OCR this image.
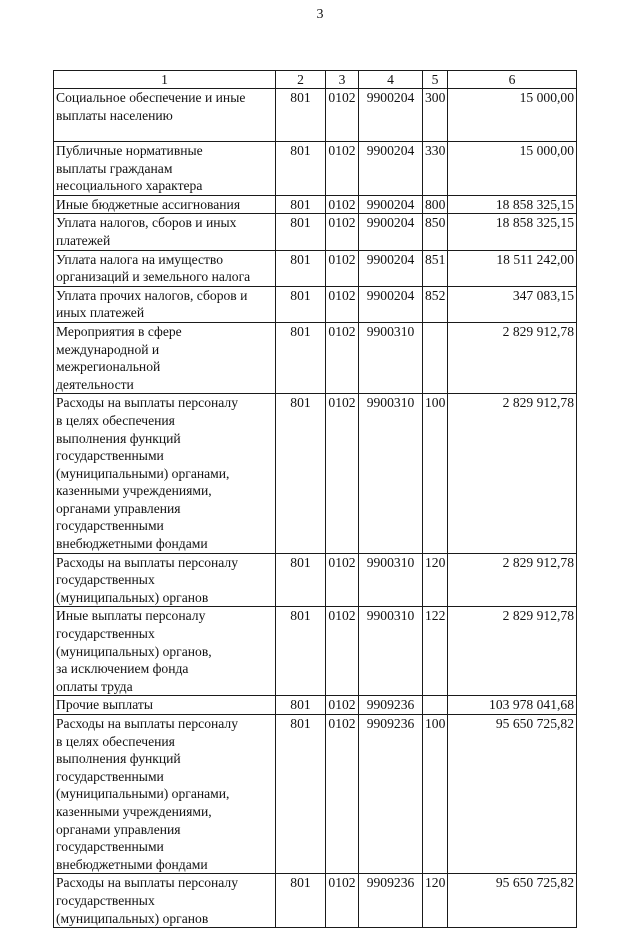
3
1	2	3	4	5	6
Социальное обеспечение и иные выплаты населению	801	0102	9900204	300	15 000,00
Публичные нормативные выплаты гражданам несоциального характера	801	0102	9900204	330	15 000,00
Иные бюджетные ассигнования	801	0102	9900204	800	18 858 325,15
Уплата налогов, сборов и иных платежей	801	0102	9900204	850	18 858 325,15
Уплата налога на имущество организаций и земельного налога	801	0102	9900204	851	18 511 242,00
Уплата прочих налогов, сборов и иных платежей	801	0102	9900204	852	347 083,15
Мероприятия в сфере международной и межрегиональной деятельности	801	0102	9900310		2 829 912,78
Расходы на выплаты персоналу в целях обеспечения выполнения функций государственными (муниципальными) органами, казенными учреждениями, органами управления государственными внебюджетными фондами	801	0102	9900310	100	2 829 912,78
Расходы на выплаты персоналу государственных (муниципальных) органов	801	0102	9900310	120	2 829 912,78
Иные выплаты персоналу государственных (муниципальных) органов, за исключением фонда оплаты труда	801	0102	9900310	122	2 829 912,78
Прочие выплаты	801	0102	9909236		103 978 041,68
Расходы на выплаты персоналу в целях обеспечения выполнения функций государственными (муниципальными) органами, казенными учреждениями, органами управления государственными внебюджетными фондами	801	0102	9909236	100	95 650 725,82
Расходы на выплаты персоналу государственных (муниципальных) органов	801	0102	9909236	120	95 650 725,82
